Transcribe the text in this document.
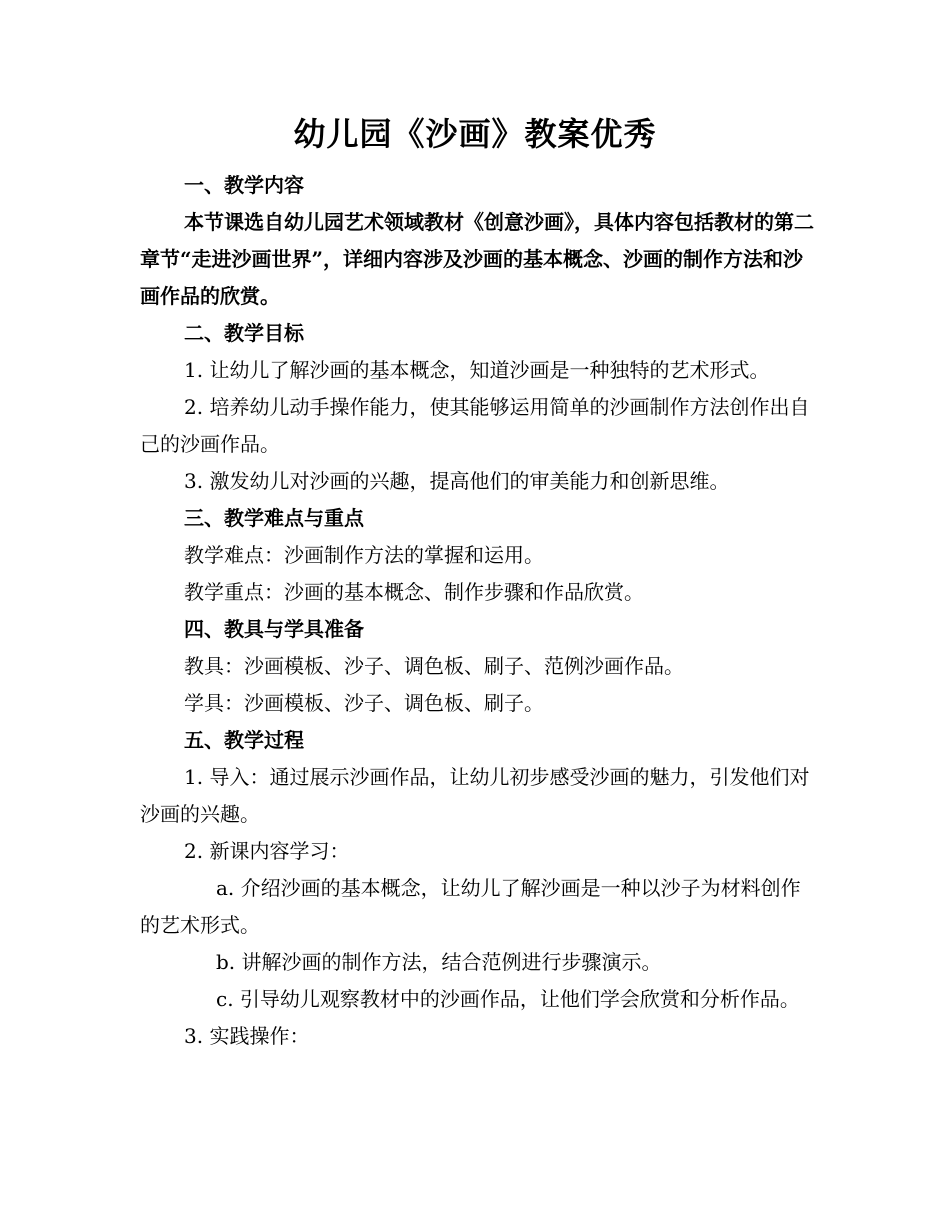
幼儿园《沙画》教案优秀

一、教学内容

本节课选自幼儿园艺术领域教材《创意沙画》，具体内容包括教材的第二章节“走进沙画世界”，详细内容涉及沙画的基本概念、沙画的制作方法和沙画作品的欣赏。

二、教学目标

1. 让幼儿了解沙画的基本概念，知道沙画是一种独特的艺术形式。

2. 培养幼儿动手操作能力，使其能够运用简单的沙画制作方法创作出自己的沙画作品。

3. 激发幼儿对沙画的兴趣，提高他们的审美能力和创新思维。

三、教学难点与重点

教学难点：沙画制作方法的掌握和运用。

教学重点：沙画的基本概念、制作步骤和作品欣赏。

四、教具与学具准备

教具：沙画模板、沙子、调色板、刷子、范例沙画作品。

学具：沙画模板、沙子、调色板、刷子。

五、教学过程

1. 导入：通过展示沙画作品，让幼儿初步感受沙画的魅力，引发他们对沙画的兴趣。

2. 新课内容学习：

a. 介绍沙画的基本概念，让幼儿了解沙画是一种以沙子为材料创作的艺术形式。

b. 讲解沙画的制作方法，结合范例进行步骤演示。

c. 引导幼儿观察教材中的沙画作品，让他们学会欣赏和分析作品。

3. 实践操作：
